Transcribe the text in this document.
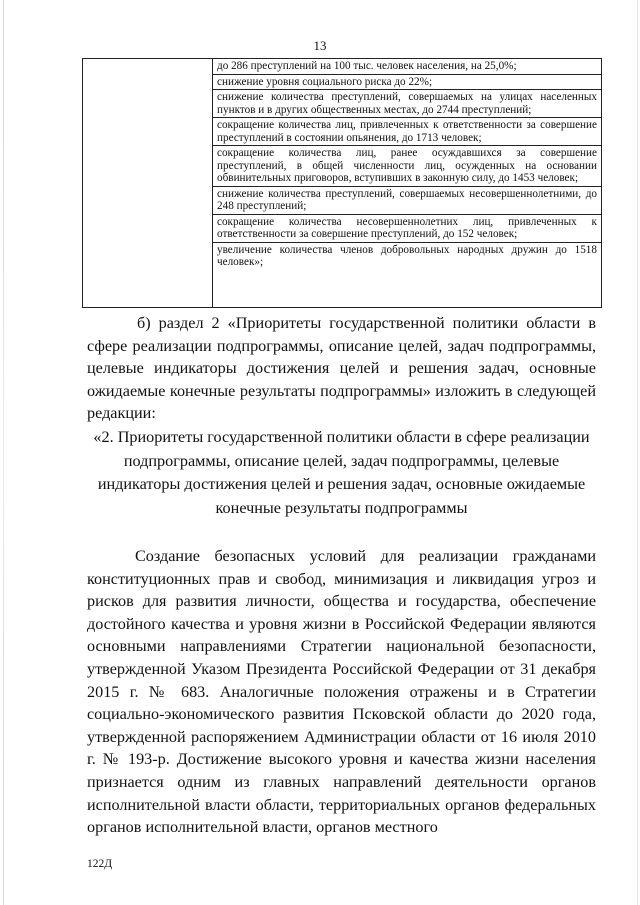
13
до 286 преступлений на 100 тыс. человек населения, на 25,0%;
снижение уровня социального риска до 22%;
снижение количества преступлений, совершаемых на улицах населенных пунктов и в других общественных местах, до 2744 преступлений;
сокращение количества лиц, привлеченных к ответственности за совершение преступлений в состоянии опьянения, до 1713 человек;
сокращение количества лиц, ранее осуждавшихся за совершение преступлений, в общей численности лиц, осужденных на основании обвинительных приговоров, вступивших в законную силу, до 1453 человек;
снижение количества преступлений, совершаемых несовершеннолетними, до 248 преступлений;
сокращение количества несовершеннолетних лиц, привлеченных к ответственности за совершение преступлений, до 152 человек;
увеличение количества членов добровольных народных дружин до 1518 человек»;

б) раздел 2 «Приоритеты государственной политики области в сфере реализации подпрограммы, описание целей, задач подпрограммы, целевые индикаторы достижения целей и решения задач, основные ожидаемые конечные результаты подпрограммы» изложить в следующей редакции:

«2. Приоритеты государственной политики области в сфере реализации подпрограммы, описание целей, задач подпрограммы, целевые индикаторы достижения целей и решения задач, основные ожидаемые конечные результаты подпрограммы

Создание безопасных условий для реализации гражданами конституционных прав и свобод, минимизация и ликвидация угроз и рисков для развития личности, общества и государства, обеспечение достойного качества и уровня жизни в Российской Федерации являются основными направлениями Стратегии национальной безопасности, утвержденной Указом Президента Российской Федерации от 31 декабря 2015 г. № 683. Аналогичные положения отражены и в Стратегии социально-экономического развития Псковской области до 2020 года, утвержденной распоряжением Администрации области от 16 июля 2010 г. № 193-р. Достижение высокого уровня и качества жизни населения признается одним из главных направлений деятельности органов исполнительной власти области, территориальных органов федеральных органов исполнительной власти, органов местного

122Д
